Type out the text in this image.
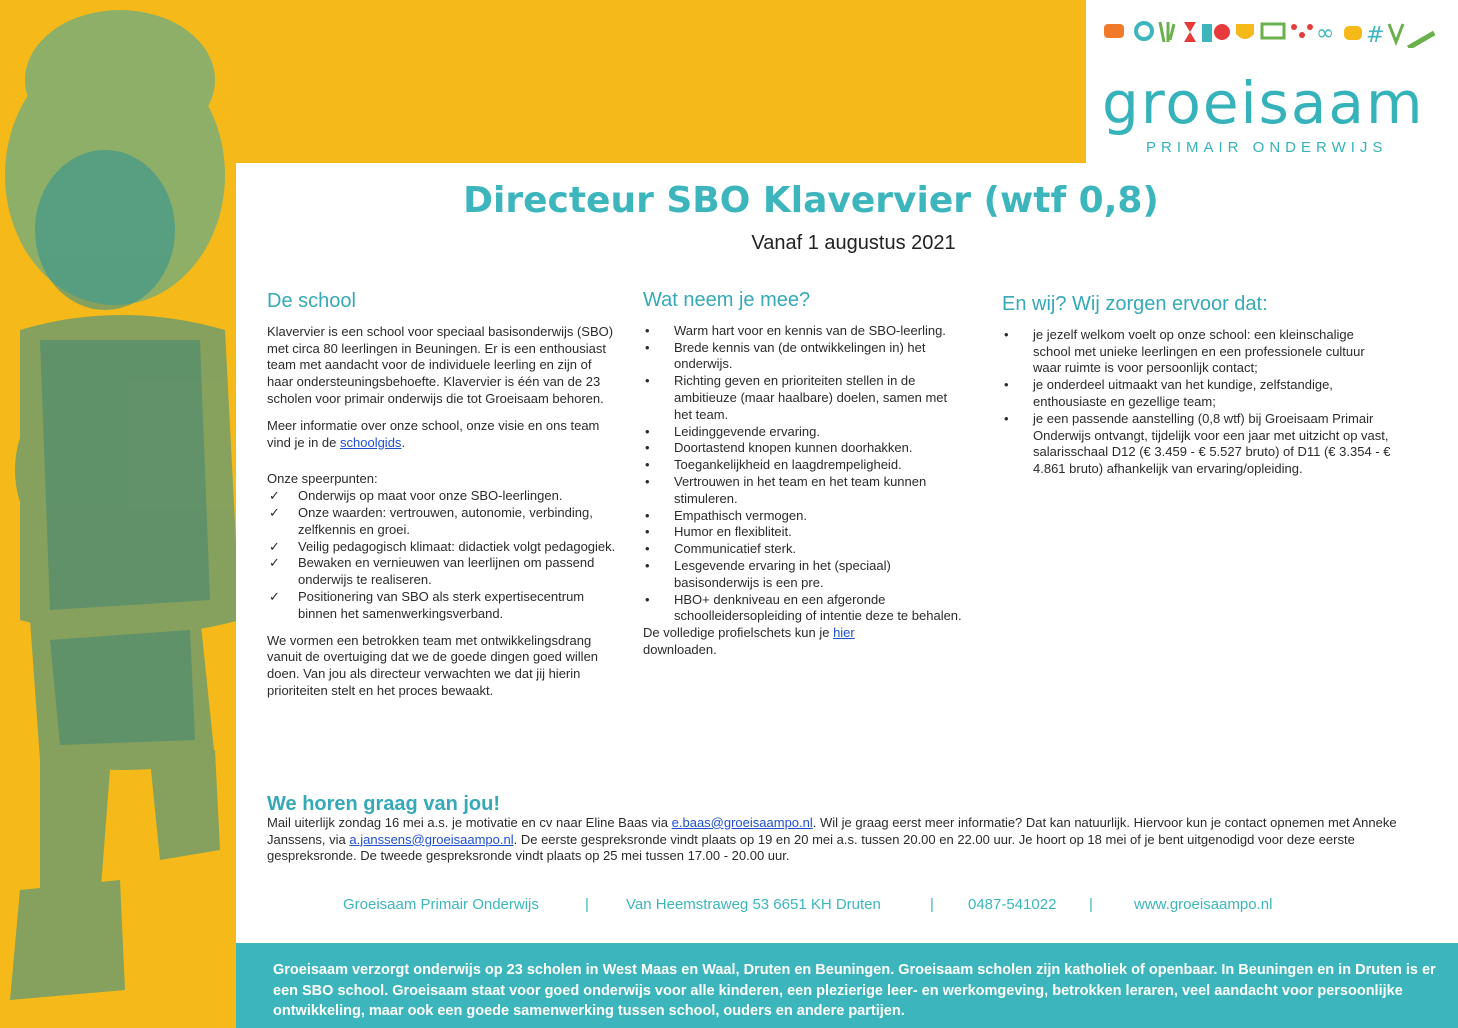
∞ #
groeisaam
PRIMAIR ONDERWIJS
Directeur SBO Klavervier (wtf 0,8)
Vanaf 1 augustus 2021
De school

Klavervier is een school voor speciaal basisonderwijs (SBO) met circa 80 leerlingen in Beuningen. Er is een enthousiast team met aandacht voor de individuele leerling en zijn of haar ondersteuningsbehoefte. Klavervier is één van de 23 scholen voor primair onderwijs die tot Groeisaam behoren.

Meer informatie over onze school, onze visie en ons team vind je in de schoolgids.

Onze speerpunten:

✓ Onderwijs op maat voor onze SBO-leerlingen.
✓ Onze waarden: vertrouwen, autonomie, verbinding, zelfkennis en groei.
✓ Veilig pedagogisch klimaat: didactiek volgt pedagogiek.
✓ Bewaken en vernieuwen van leerlijnen om passend onderwijs te realiseren.
✓ Positionering van SBO als sterk expertisecentrum binnen het samenwerkingsverband.

We vormen een betrokken team met ontwikkelingsdrang vanuit de overtuiging dat we de goede dingen goed willen doen. Van jou als directeur verwachten we dat jij hierin prioriteiten stelt en het proces bewaakt.

Wat neem je mee?
• Warm hart voor en kennis van de SBO-leerling.
• Brede kennis van (de ontwikkelingen in) het onderwijs.
• Richting geven en prioriteiten stellen in de ambitieuze (maar haalbare) doelen, samen met het team.
• Leidinggevende ervaring.
• Doortastend knopen kunnen doorhakken.
• Toegankelijkheid en laagdrempeligheid.
• Vertrouwen in het team en het team kunnen stimuleren.
• Empathisch vermogen.
• Humor en flexibliteit.
• Communicatief sterk.
• Lesgevende ervaring in het (speciaal) basisonderwijs is een pre.
• HBO+ denkniveau en een afgeronde schoolleidersopleiding of intentie deze te behalen.

De volledige profielschets kun je hier
downloaden.

En wij? Wij zorgen ervoor dat:
• je jezelf welkom voelt op onze school: een kleinschalige school met unieke leerlingen en een professionele cultuur waar ruimte is voor persoonlijk contact;
• je onderdeel uitmaakt van het kundige, zelfstandige, enthousiaste en gezellige team;
• je een passende aanstelling (0,8 wtf) bij Groeisaam Primair Onderwijs ontvangt, tijdelijk voor een jaar met uitzicht op vast, salarisschaal D12 (€ 3.459 - € 5.527 bruto) of D11 (€ 3.354 - € 4.861 bruto) afhankelijk van ervaring/opleiding.
We horen graag van jou!
Mail uiterlijk zondag 16 mei a.s. je motivatie en cv naar Eline Baas via e.baas@groeisaampo.nl. Wil je graag eerst meer informatie? Dat kan natuurlijk. Hiervoor kun je contact opnemen met Anneke Janssens, via a.janssens@groeisaampo.nl. De eerste gespreksronde vindt plaats op 19 en 20 mei a.s. tussen 20.00 en 22.00 uur. Je hoort op 18 mei of je bent uitgenodigd voor deze eerste gespreksronde. De tweede gespreksronde vindt plaats op 25 mei tussen 17.00 - 20.00 uur.
Groeisaam Primair Onderwijs	| Van Heemstraweg 53 6651 KH Druten	| 0487-541022 |	www.groeisaampo.nl
Groeisaam verzorgt onderwijs op 23 scholen in West Maas en Waal, Druten en Beuningen. Groeisaam scholen zijn katholiek of openbaar. In Beuningen en in Druten is er een SBO school. Groeisaam staat voor goed onderwijs voor alle kinderen, een plezierige leer- en werkomgeving, betrokken leraren, veel aandacht voor persoonlijke ontwikkeling, maar ook een goede samenwerking tussen school, ouders en andere partijen.
